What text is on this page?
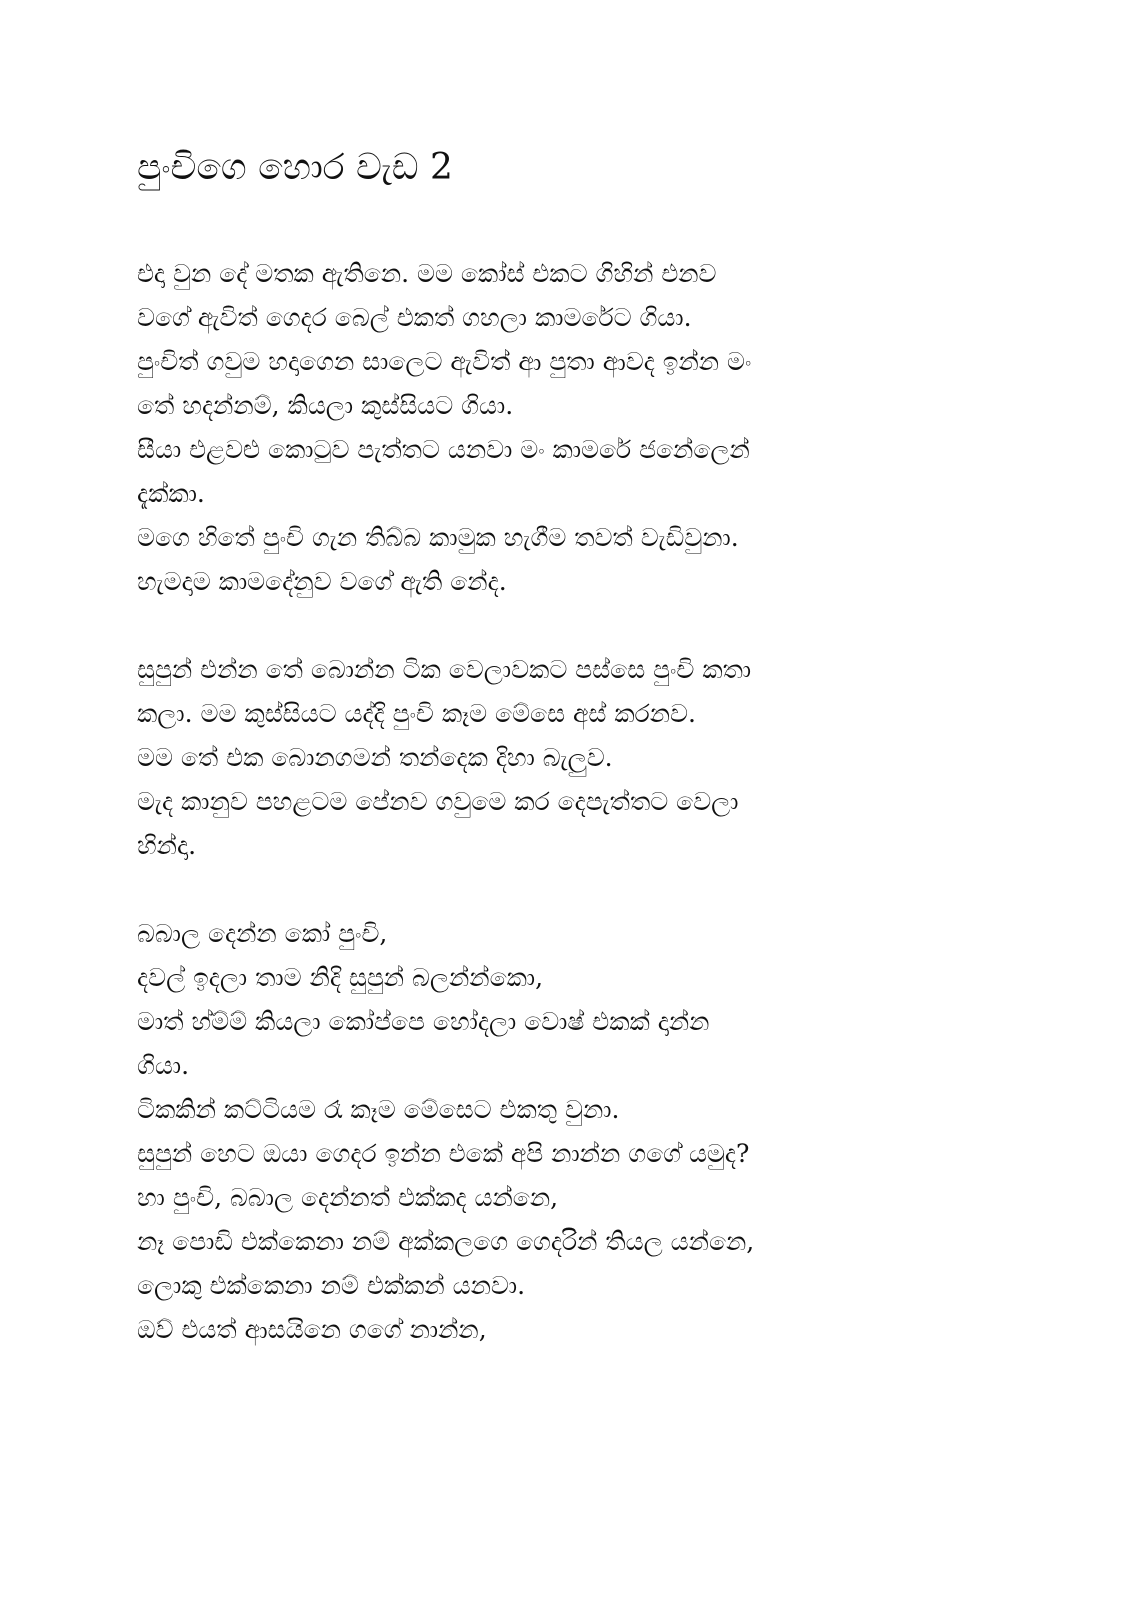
පුංචිගෙ හොර වැඩ 2
එදා වුන දේ මතක ඇතිනෙ. මම කෝස් එකට ගිහින් එනව
වගේ ඇවිත් ගෙදර බෙල් එකත් ගහලා කාමරේට ගියා.
පුංචිත් ගවුම හදාගෙන සාලෙට ඇවිත් ආ පුතා ආවද ඉන්න මං
තේ හදන්නම්, කියලා කුස්සියට ගියා.
සීයා එළවළු කොටුව පැත්තට යනවා මං කාමරේ ජනේලෙන්
දැක්කා.
මගෙ හිතේ පුංචි ගැන තිබ්බ කාමුක හැගීම තවත් වැඩිවුනා.
හැමදාම කාමදේනුව වගේ ඇති නේද.
සුපුන් එන්න තේ බොන්න ටික වෙලාවකට පස්සෙ පුංචි කතා
කලා. මම කුස්සියට යද්දි පුංචි කෑම මේසෙ අස් කරනව.
මම තේ එක බොනගමන් තන්දෙක දිහා බැලුව.
මැද කානුව පහළටම පේනව ගවුමෙ කර දෙපැත්තට වෙලා
හින්දා.
බබාල දෙන්න කෝ පුංචි,
දවල් ඉදලා තාම නිදි සුපුන් බලන්න්කො,
මාත් හ්ම්ම් කියලා කෝප්පෙ හෝදලා වොෂ් එකක් දාන්න
ගියා.
ටිකකින් කට්ටියම රෑ කෑම මේසෙට එකතු වුනා.
සුපුන් හෙට ඔයා ගෙදර ඉන්න එකේ අපි නාන්න ගගේ යමුද?
හා පුංචි, බබාල දෙන්නත් එක්කද යන්නෙ,
නෑ පොඩි එක්කෙනා නම් අක්කලගෙ ගෙදරින් තියල යන්නෙ,
ලොකු එක්කෙනා නම් එක්කන් යනවා.
ඔව් එයත් ආසයිනෙ ගගේ නාන්න,
